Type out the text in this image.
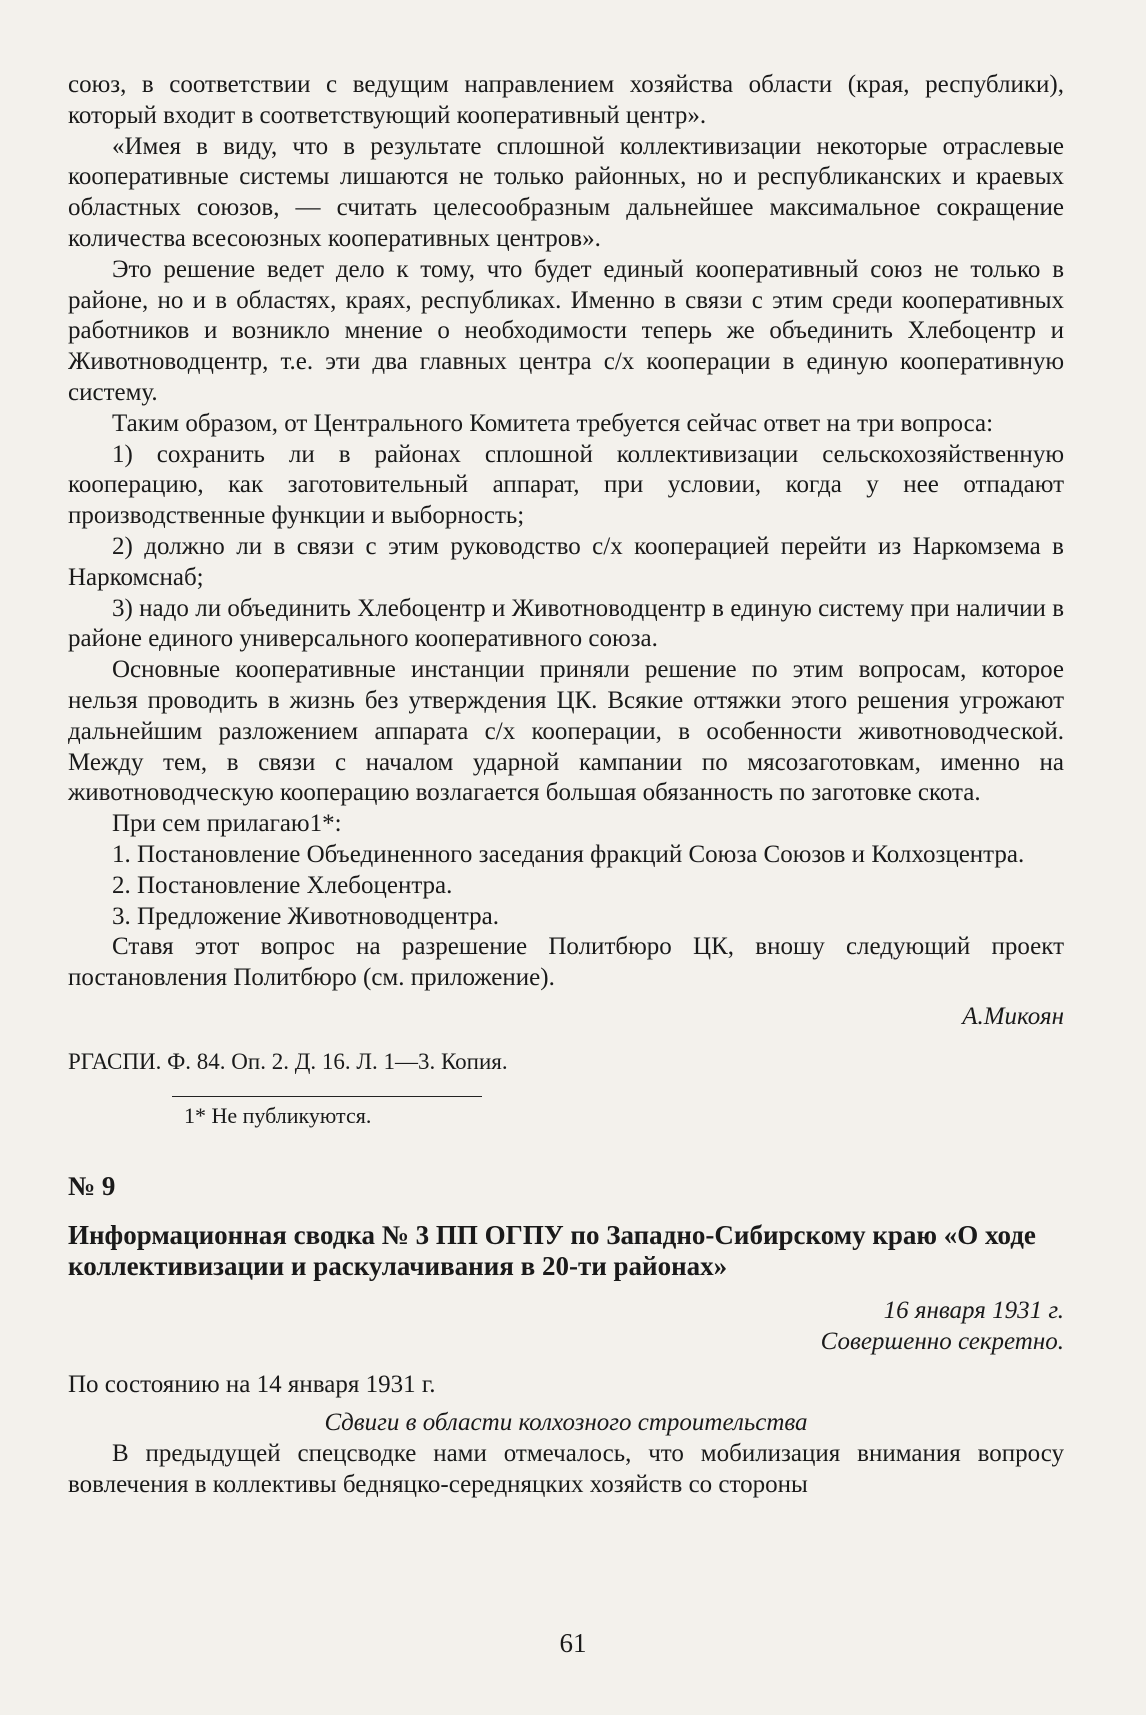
союз, в соответствии с ведущим направлением хозяйства области (края, республики), который входит в соответствующий кооперативный центр».

«Имея в виду, что в результате сплошной коллективизации некоторые отраслевые кооперативные системы лишаются не только районных, но и республиканских и краевых областных союзов, — считать целесообразным дальнейшее максимальное сокращение количества всесоюзных кооперативных центров».

Это решение ведет дело к тому, что будет единый кооперативный союз не только в районе, но и в областях, краях, республиках. Именно в связи с этим среди кооперативных работников и возникло мнение о необходимости теперь же объединить Хлебоцентр и Животноводцентр, т.е. эти два главных центра с/х кооперации в единую кооперативную систему.

Таким образом, от Центрального Комитета требуется сейчас ответ на три вопроса:

1) сохранить ли в районах сплошной коллективизации сельскохозяйственную кооперацию, как заготовительный аппарат, при условии, когда у нее отпадают производственные функции и выборность;

2) должно ли в связи с этим руководство с/х кооперацией перейти из Наркомзема в Наркомснаб;

3) надо ли объединить Хлебоцентр и Животноводцентр в единую систему при наличии в районе единого универсального кооперативного союза.

Основные кооперативные инстанции приняли решение по этим вопросам, которое нельзя проводить в жизнь без утверждения ЦК. Всякие оттяжки этого решения угрожают дальнейшим разложением аппарата с/х кооперации, в особенности животноводческой. Между тем, в связи с началом ударной кампании по мясозаготовкам, именно на животноводческую кооперацию возлагается большая обязанность по заготовке скота.

При сем прилагаю1*:

1. Постановление Объединенного заседания фракций Союза Союзов и Колхозцентра.

2. Постановление Хлебоцентра.

3. Предложение Животноводцентра.

Ставя этот вопрос на разрешение Политбюро ЦК, вношу следующий проект постановления Политбюро (см. приложение).

А.Микоян

РГАСПИ. Ф. 84. Оп. 2. Д. 16. Л. 1—3. Копия.

1* Не публикуются.

№ 9

Информационная сводка № 3 ПП ОГПУ по Западно-Сибирскому краю «О ходе коллективизации и раскулачивания в 20-ти районах»

16 января 1931 г.

Совершенно секретно.

По состоянию на 14 января 1931 г.

Сдвиги в области колхозного строительства

В предыдущей спецсводке нами отмечалось, что мобилизация внимания вопросу вовлечения в коллективы бедняцко-середняцких хозяйств со стороны

61
